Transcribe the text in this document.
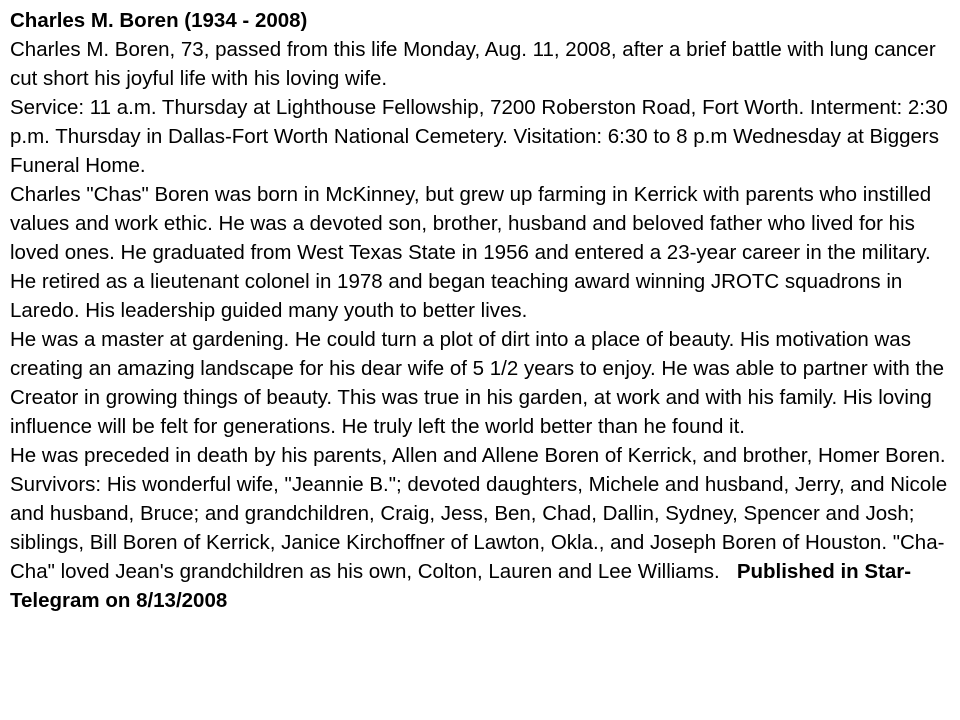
Charles M. Boren (1934 - 2008)

Charles M. Boren, 73, passed from this life Monday, Aug. 11, 2008, after a brief battle with lung cancer cut short his joyful life with his loving wife.

Service: 11 a.m. Thursday at Lighthouse Fellowship, 7200 Roberston Road, Fort Worth. Interment: 2:30 p.m. Thursday in Dallas-Fort Worth National Cemetery. Visitation: 6:30 to 8 p.m Wednesday at Biggers Funeral Home.

Charles "Chas" Boren was born in McKinney, but grew up farming in Kerrick with parents who instilled values and work ethic. He was a devoted son, brother, husband and beloved father who lived for his loved ones. He graduated from West Texas State in 1956 and entered a 23-year career in the military. He retired as a lieutenant colonel in 1978 and began teaching award winning JROTC squadrons in Laredo. His leadership guided many youth to better lives.

He was a master at gardening. He could turn a plot of dirt into a place of beauty. His motivation was creating an amazing landscape for his dear wife of 5 1/2 years to enjoy. He was able to partner with the Creator in growing things of beauty. This was true in his garden, at work and with his family. His loving influence will be felt for generations. He truly left the world better than he found it.

He was preceded in death by his parents, Allen and Allene Boren of Kerrick, and brother, Homer Boren.

Survivors: His wonderful wife, "Jeannie B."; devoted daughters, Michele and husband, Jerry, and Nicole and husband, Bruce; and grandchildren, Craig, Jess, Ben, Chad, Dallin, Sydney, Spencer and Josh; siblings, Bill Boren of Kerrick, Janice Kirchoffner of Lawton, Okla., and Joseph Boren of Houston. "Cha-Cha" loved Jean's grandchildren as his own, Colton, Lauren and Lee Williams. Published in Star-Telegram on 8/13/2008
